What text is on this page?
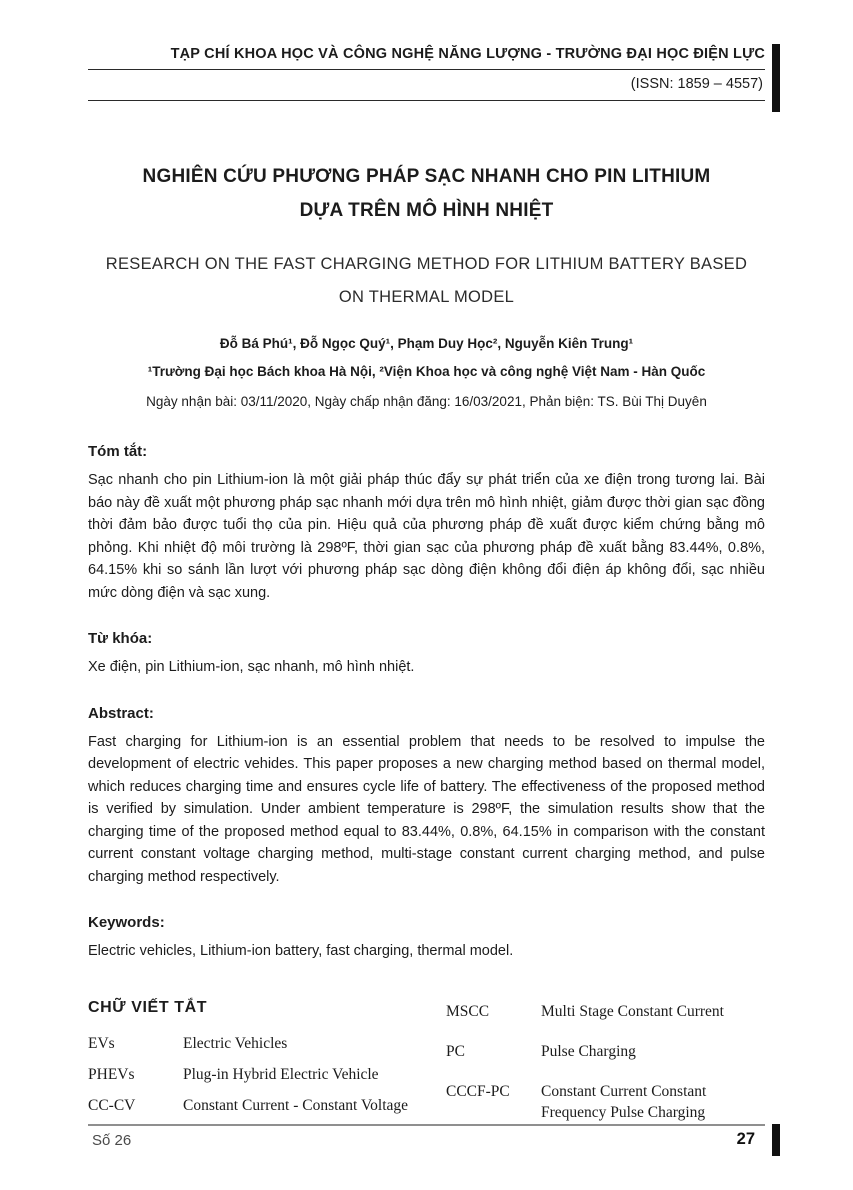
TẠP CHÍ KHOA HỌC VÀ CÔNG NGHỆ NĂNG LƯỢNG - TRƯỜNG ĐẠI HỌC ĐIỆN LỰC
(ISSN: 1859 – 4557)
NGHIÊN CỨU PHƯƠNG PHÁP SẠC NHANH CHO PIN LITHIUM
DỰA TRÊN MÔ HÌNH NHIỆT
RESEARCH ON THE FAST CHARGING METHOD FOR LITHIUM BATTERY BASED
ON THERMAL MODEL
Đỗ Bá Phú¹, Đỗ Ngọc Quý¹, Phạm Duy Học², Nguyễn Kiên Trung¹
¹Trường Đại học Bách khoa Hà Nội, ²Viện Khoa học và công nghệ Việt Nam - Hàn Quốc
Ngày nhận bài: 03/11/2020, Ngày chấp nhận đăng: 16/03/2021, Phản biện: TS. Bùi Thị Duyên
Tóm tắt:
Sạc nhanh cho pin Lithium-ion là một giải pháp thúc đẩy sự phát triển của xe điện trong tương lai. Bài báo này đề xuất một phương pháp sạc nhanh mới dựa trên mô hình nhiệt, giảm được thời gian sạc đồng thời đảm bảo được tuổi thọ của pin. Hiệu quả của phương pháp đề xuất được kiểm chứng bằng mô phỏng. Khi nhiệt độ môi trường là 298ºF, thời gian sạc của phương pháp đề xuất bằng 83.44%, 0.8%, 64.15% khi so sánh lần lượt với phương pháp sạc dòng điện không đổi điện áp không đổi, sạc nhiều mức dòng điện và sạc xung.
Từ khóa:
Xe điện, pin Lithium-ion, sạc nhanh, mô hình nhiệt.
Abstract:
Fast charging for Lithium-ion is an essential problem that needs to be resolved to impulse the development of electric vehides. This paper proposes a new charging method based on thermal model, which reduces charging time and ensures cycle life of battery. The effectiveness of the proposed method is verified by simulation. Under ambient temperature is 298ºF, the simulation results show that the charging time of the proposed method equal to 83.44%, 0.8%, 64.15% in comparison with the constant current constant voltage charging method, multi-stage constant current charging method, and pulse charging method respectively.
Keywords:
Electric vehicles, Lithium-ion battery, fast charging, thermal model.
CHỮ VIẾT TẮT
EVs	Electric Vehicles
PHEVs	Plug-in Hybrid Electric Vehicle
CC-CV	Constant Current - Constant Voltage
MSCC	Multi Stage Constant Current
PC	Pulse Charging
CCCF-PC	Constant Current Constant Frequency Pulse Charging
Số 26	27
